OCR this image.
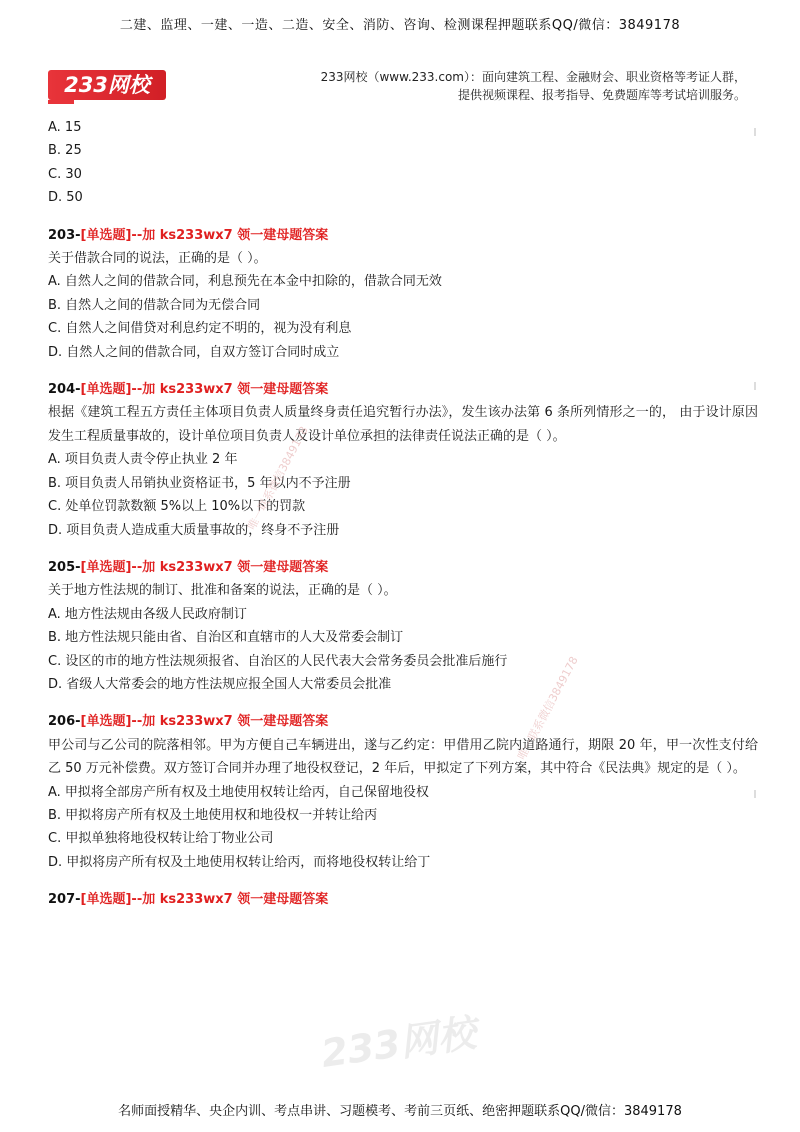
二建、监理、一建、一造、二造、安全、消防、咨询、检测课程押题联系QQ/微信：3849178
233网校	233网校（www.233.com）：面向建筑工程、金融财会、职业资格等考证人群，
提供视频课程、报考指导、免费题库等考试培训服务。

A. 15

B. 25

C. 30

D. 50

203-[单选题]--加 ks233wx7 领一建母题答案

关于借款合同的说法，正确的是（ ）。

A. 自然人之间的借款合同，利息预先在本金中扣除的，借款合同无效

B. 自然人之间的借款合同为无偿合同

C. 自然人之间借贷对利息约定不明的，视为没有利息

D. 自然人之间的借款合同，自双方签订合同时成立

204-[单选题]--加 ks233wx7 领一建母题答案

根据《建筑工程五方责任主体项目负责人质量终身责任追究暂行办法》，发生该办法第 6 条所列情形之一的， 由于设计原因发生工程质量事故的，设计单位项目负责人及设计单位承担的法律责任说法正确的是（ ）。

A. 项目负责人责令停止执业 2 年

B. 项目负责人吊销执业资格证书，5 年以内不予注册

C. 处单位罚款数额 5%以上 10%以下的罚款

D. 项目负责人造成重大质量事故的，终身不予注册

205-[单选题]--加 ks233wx7 领一建母题答案

关于地方性法规的制订、批准和备案的说法，正确的是（ ）。

A. 地方性法规由各级人民政府制订

B. 地方性法规只能由省、自治区和直辖市的人大及常委会制订

C. 设区的市的地方性法规须报省、自治区的人民代表大会常务委员会批准后施行

D. 省级人大常委会的地方性法规应报全国人大常委员会批准

206-[单选题]--加 ks233wx7 领一建母题答案

甲公司与乙公司的院落相邻。甲为方便自己车辆进出，遂与乙约定：甲借用乙院内道路通行，期限 20 年，甲一次性支付给乙 50 万元补偿费。双方签订合同并办理了地役权登记，2 年后，甲拟定了下列方案，其中符合《民法典》规定的是（ ）。

A. 甲拟将全部房产所有权及土地使用权转让给丙，自己保留地役权

B. 甲拟将房产所有权及土地使用权和地役权一并转让给丙

C. 甲拟单独将地役权转让给丁物业公司

D. 甲拟将房产所有权及土地使用权转让给丙，而将地役权转让给丁

207-[单选题]--加 ks233wx7 领一建母题答案

唯一联系微信3849178
唯一联系微信3849178
233网校
名师面授精华、央企内训、考点串讲、习题模考、考前三页纸、绝密押题联系QQ/微信：3849178
